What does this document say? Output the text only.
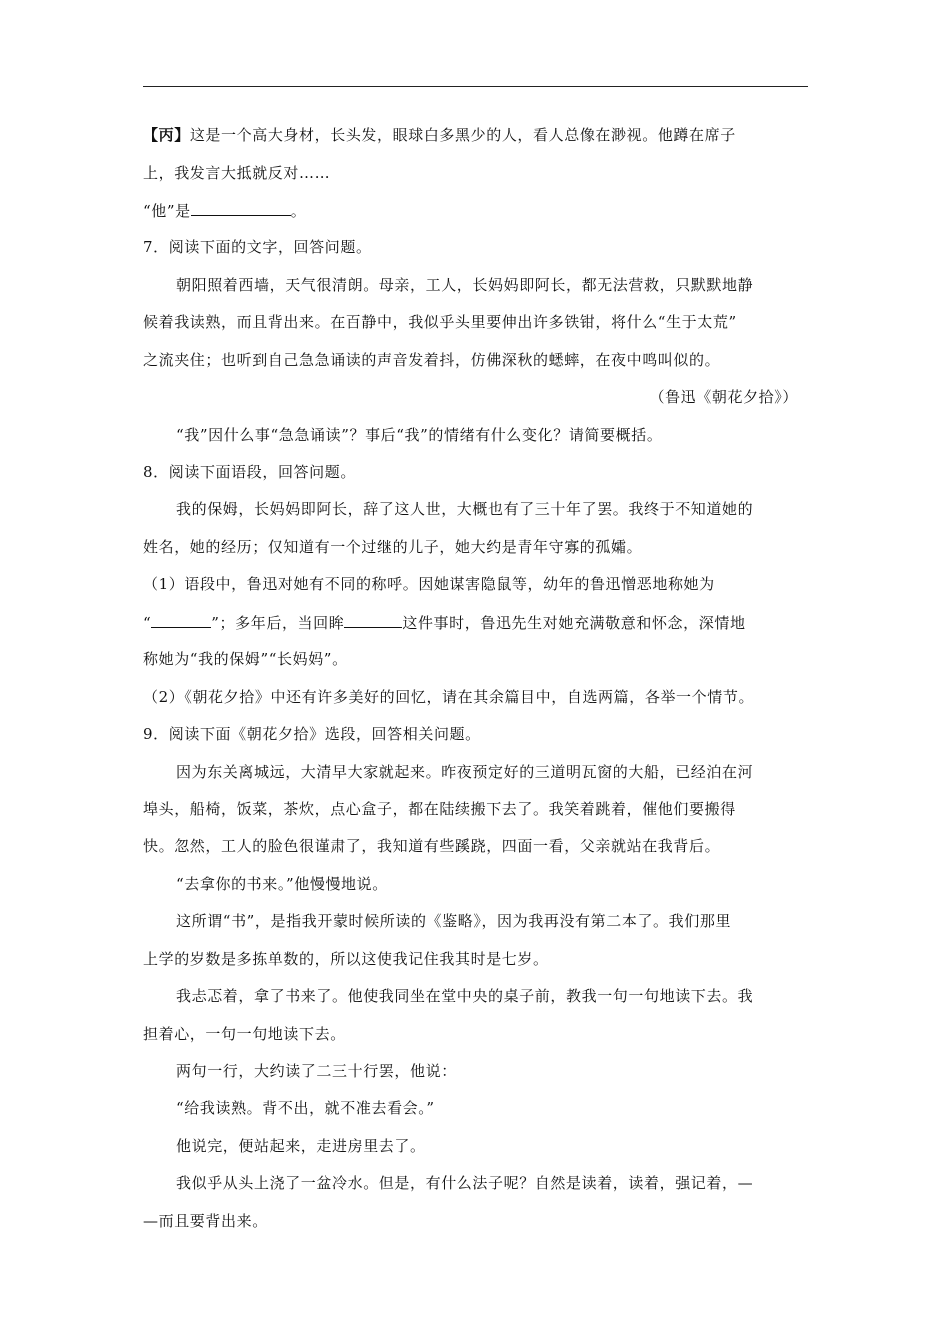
【丙】这是一个高大身材，长头发，眼球白多黑少的人，看人总像在渺视。他蹲在席子
上，我发言大抵就反对……
“他”是	。
7．阅读下面的文字，回答问题。
朝阳照着西墙，天气很清朗。母亲，工人，长妈妈即阿长，都无法营救，只默默地静
候着我读熟，而且背出来。在百静中，我似乎头里要伸出许多铁钳，将什么“生于太荒”
之流夹住；也听到自己急急诵读的声音发着抖，仿佛深秋的蟋蟀，在夜中鸣叫似的。
（鲁迅《朝花夕拾》）
“我”因什么事“急急诵读”？事后“我”的情绪有什么变化？请简要概括。
8．阅读下面语段，回答问题。
我的保姆，长妈妈即阿长，辞了这人世，大概也有了三十年了罢。我终于不知道她的
姓名，她的经历；仅知道有一个过继的儿子，她大约是青年守寡的孤孀。
（1）语段中，鲁迅对她有不同的称呼。因她谋害隐鼠等，幼年的鲁迅憎恶地称她为
“	”；多年后，当回眸	这件事时，鲁迅先生对她充满敬意和怀念，深情地
称她为“我的保姆”“长妈妈”。
（2）《朝花夕拾》中还有许多美好的回忆，请在其余篇目中，自选两篇，各举一个情节。
9．阅读下面《朝花夕拾》选段，回答相关问题。
因为东关离城远，大清早大家就起来。昨夜预定好的三道明瓦窗的大船，已经泊在河
埠头，船椅，饭菜，茶炊，点心盒子，都在陆续搬下去了。我笑着跳着，催他们要搬得
快。忽然，工人的脸色很谨肃了，我知道有些蹊跷，四面一看，父亲就站在我背后。
“去拿你的书来。”他慢慢地说。
这所谓“书”，是指我开蒙时候所读的《鉴略》，因为我再没有第二本了。我们那里
上学的岁数是多拣单数的，所以这使我记住我其时是七岁。
我忐忑着，拿了书来了。他使我同坐在堂中央的桌子前，教我一句一句地读下去。我
担着心，一句一句地读下去。
两句一行，大约读了二三十行罢，他说：
“给我读熟。背不出，就不准去看会。”
他说完，便站起来，走进房里去了。
我似乎从头上浇了一盆冷水。但是，有什么法子呢？自然是读着，读着，强记着，—
—而且要背出来。
